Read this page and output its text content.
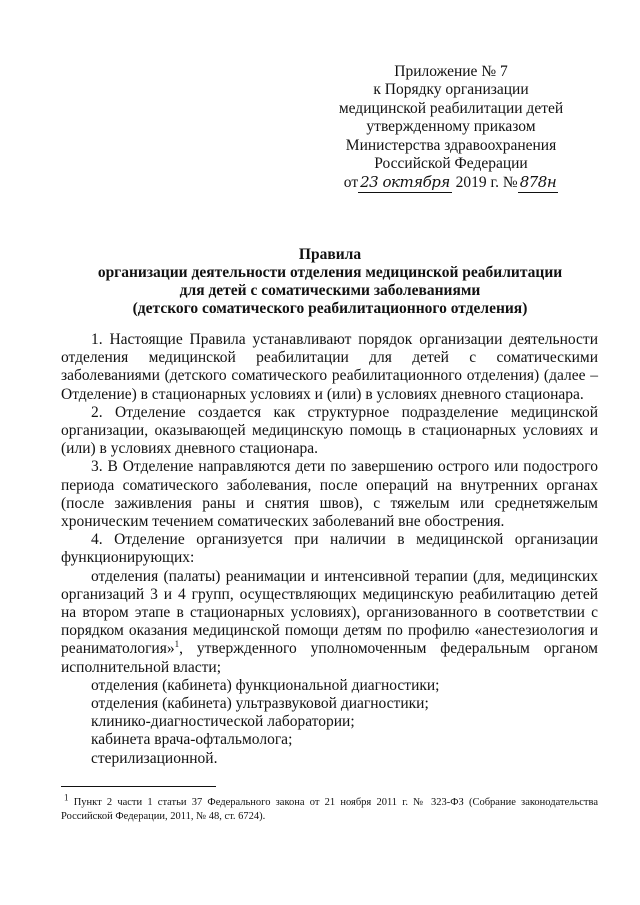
Приложение № 7
к Порядку организации
медицинской реабилитации детей
утвержденному приказом
Министерства здравоохранения
Российской Федерации
от 23 октября 2019 г. № 878н
Правила
организации деятельности отделения медицинской реабилитации
для детей с соматическими заболеваниями
(детского соматического реабилитационного отделения)

1. Настоящие Правила устанавливают порядок организации деятельности отделения медицинской реабилитации для детей с соматическими заболеваниями (детского соматического реабилитационного отделения) (далее – Отделение) в стационарных условиях и (или) в условиях дневного стационара.

2. Отделение создается как структурное подразделение медицинской организации, оказывающей медицинскую помощь в стационарных условиях и (или) в условиях дневного стационара.

3. В Отделение направляются дети по завершению острого или подострого периода соматического заболевания, после операций на внутренних органах (после заживления раны и снятия швов), с тяжелым или среднетяжелым хроническим течением соматических заболеваний вне обострения.

4. Отделение организуется при наличии в медицинской организации функционирующих:

отделения (палаты) реанимации и интенсивной терапии (для, медицинских организаций 3 и 4 групп, осуществляющих медицинскую реабилитацию детей на втором этапе в стационарных условиях), организованного в соответствии с порядком оказания медицинской помощи детям по профилю «анестезиология и реаниматология»$^1$, утвержденного уполномоченным федеральным органом исполнительной власти;

отделения (кабинета) функциональной диагностики;

отделения (кабинета) ультразвуковой диагностики;

клинико-диагностической лаборатории;

кабинета врача-офтальмолога;

стерилизационной.

$^1$ Пункт 2 части 1 статьи 37 Федерального закона от 21 ноября 2011 г. № 323-ФЗ (Собрание законодательства Российской Федерации, 2011, № 48, ст. 6724).
